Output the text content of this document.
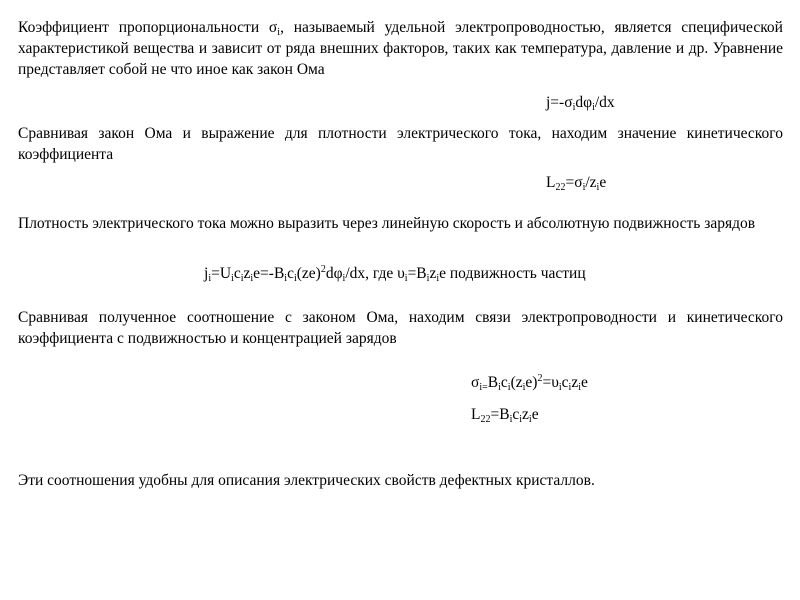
Коэффициент пропорциональности $\sigma_i$, называемый удельной электропроводностью, является специфической характеристикой вещества и зависит от ряда внешних факторов, таких как температура, давление и др. Уравнение представляет собой не что иное как закон Ома
$j=-\sigma_id\varphi_i/dx$
Сравнивая закон Ома и выражение для плотности электрического тока, находим значение кинетического коэффициента
$L_{22}=\sigma_i/z_ie$
Плотность электрического тока можно выразить через линейную скорость и абсолютную подвижность зарядов
$j_i=U_ic_iz_ie=-B_ic_i(ze)^2d\varphi_i/dx$, где $\upsilon_i=B_iz_ie$ подвижность частиц
Сравнивая полученное соотношение с законом Ома, находим связи электропроводности и кинетического коэффициента с подвижностью и концентрацией зарядов
$\sigma_{i=}B_ic_i(z_ie)^2=\upsilon_ic_iz_ie$
$L_{22}=B_ic_iz_ie$
Эти соотношения удобны для описания электрических свойств дефектных кристаллов.
